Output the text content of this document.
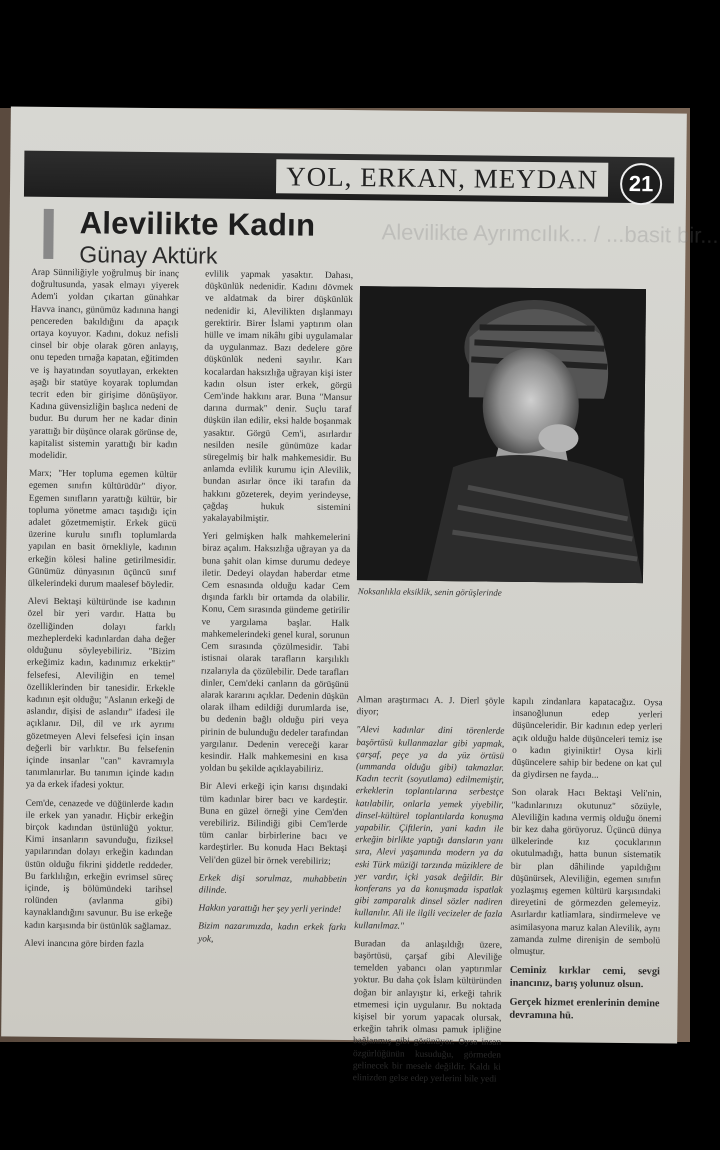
YOL, ERKAN, MEYDAN	21
Alevilikte Kadın
Günay Aktürk
Alevilikte Ayrımcılık... / ...basit bir...

Arap Sünniliğiyle yoğrulmuş bir inanç doğrultusunda, yasak elmayı yiyerek Adem'i yoldan çıkartan günahkar Havva inancı, günümüz kadınına hangi pencereden bakıldığını da apaçık ortaya koyuyor. Kadını, dokuz nefisli cinsel bir obje olarak gören anlayış, onu tepeden tırnağa kapatan, eğitimden ve iş hayatından soyutlayan, erkekten aşağı bir statüye koyarak toplumdan tecrit eden bir girişime dönüşüyor. Kadına güvensizliğin başlıca nedeni de budur. Bu durum her ne kadar dinin yarattığı bir düşünce olarak görünse de, kapitalist sistemin yarattığı bir kadın modelidir.

Marx; "Her topluma egemen kültür egemen sınıfın kültürüdür" diyor. Egemen sınıfların yarattığı kültür, bir topluma yönetme amacı taşıdığı için adalet gözetmemiştir. Erkek gücü üzerine kurulu sınıflı toplumlarda yapılan en basit örnekliyle, kadının erkeğin kölesi haline getirilmesidir. Günümüz dünyasının üçüncü sınıf ülkelerindeki durum maalesef böyledir.

Alevi Bektaşi kültüründe ise kadının özel bir yeri vardır. Hatta bu özelliğinden dolayı farklı mezheplerdeki kadınlardan daha değer olduğunu söyleyebiliriz. "Bizim erkeğimiz kadın, kadınımız erkektir" felsefesi, Aleviliğin en temel özelliklerinden bir tanesidir. Erkekle kadının eşit olduğu; "Aslanın erkeği de aslandır, dişisi de aslandır" ifadesi ile açıklanır. Dil, dil ve ırk ayrımı gözetmeyen Alevi felsefesi için insan değerli bir varlıktır. Bu felsefenin içinde insanlar "can" kavramıyla tanımlanırlar. Bu tanımın içinde kadın ya da erkek ifadesi yoktur.

Cem'de, cenazede ve düğünlerde kadın ile erkek yan yanadır. Hiçbir erkeğin birçok kadından üstünlüğü yoktur. Kimi insanların savunduğu, fiziksel yapılarından dolayı erkeğin kadından üstün olduğu fikrini şiddetle reddeder. Bu farklılığın, erkeğin evrimsel süreç içinde, iş bölümündeki tarihsel rolünden (avlanma gibi) kaynaklandığını savunur. Bu ise erkeğe kadın karşısında bir üstünlük sağlamaz.

Alevi inancına göre birden fazla

evlilik yapmak yasaktır. Dahası, düşkünlük nedenidir. Kadını dövmek ve aldatmak da birer düşkünlük nedenidir ki, Alevilikten dışlanmayı gerektirir. Birer İslami yaptırım olan hülle ve imam nikâhı gibi uygulamalar da uygulanmaz. Bazı dedelere göre düşkünlük nedeni sayılır. Karı kocalardan haksızlığa uğrayan kişi ister kadın olsun ister erkek, görgü Cem'inde hakkını arar. Buna "Mansur darına durmak" denir. Suçlu taraf düşkün ilan edilir, eksi halde boşanmak yasaktır. Görgü Cem'i, asırlardır nesilden nesile günümüze kadar süregelmiş bir halk mahkemesidir. Bu anlamda evlilik kurumu için Alevilik, bundan asırlar önce iki tarafın da hakkını gözeterek, deyim yerindeyse, çağdaş hukuk sistemini yakalayabilmiştir.

Yeri gelmişken halk mahkemelerini biraz açalım. Haksızlığa uğrayan ya da buna şahit olan kimse durumu dedeye iletir. Dedeyi olaydan haberdar etme Cem esnasında olduğu kadar Cem dışında farklı bir ortamda da olabilir. Konu, Cem sırasında gündeme getirilir ve yargılama başlar. Halk mahkemelerindeki genel kural, sorunun Cem sırasında çözülmesidir. Tabi istisnai olarak tarafların karşılıklı rızalarıyla da çözülebilir. Dede tarafları dinler, Cem'deki canların da görüşünü alarak kararını açıklar. Dedenin düşkün olarak ilham edildiği durumlarda ise, bu dedenin bağlı olduğu piri veya pirinin de bulunduğu dedeler tarafından yargılanır. Dedenin vereceği karar kesindir. Halk mahkemesini en kısa yoldan bu şekilde açıklayabiliriz.

Bir Alevi erkeği için karısı dışındaki tüm kadınlar birer bacı ve kardeştir. Buna en güzel örneği yine Cem'den verebiliriz. Bilindiği gibi Cem'lerde tüm canlar birbirlerine bacı ve kardeştirler. Bu konuda Hacı Bektaşi Veli'den güzel bir örnek verebiliriz;

Erkek dişi sorulmaz, muhabbetin dilinde.

Hakkın yarattığı her şey yerli yerinde!

Bizim nazarımızda, kadın erkek farkı yok,

Noksanlıkla eksiklik, senin görüşlerinde

Alman araştırmacı A. J. Dierl şöyle diyor;

"Alevi kadınlar dini törenlerde başörtüsü kullanmazlar gibi yapmak, çarşaf, peçe ya da yüz örtüsü (ummanda olduğu gibi) takmazlar. Kadın tecrit (soyutlama) edilmemiştir, erkeklerin toplantılarına serbestçe katılabilir, onlarla yemek yiyebilir, dinsel-kültürel toplantılarda konuşma yapabilir. Çiftlerin, yani kadın ile erkeğin birlikte yaptığı dansların yanı sıra, Alevi yaşamında modern ya da eski Türk müziği tarzında müziklere de yer vardır, içki yasak değildir. Bir konferans ya da konuşmada ispatlak gibi zamparalık dinsel sözler nadiren kullanılır. Ali ile ilgili vecizeler de fazla kullanılmaz."

Buradan da anlaşıldığı üzere, başörtüsü, çarşaf gibi Aleviliğe temelden yabancı olan yaptırımlar yoktur. Bu daha çok İslam kültüründen doğan bir anlayıştır ki, erkeği tahrik etmemesi için uygulanır. Bu noktada kişisel bir yorum yapacak olursak, erkeğin tahrik olması pamuk ipliğine bağlanmış gibi görünüyor. Oysa insan özgürlüğünün kusuduğu, görmeden gelinecek bir mesele değildir. Kaldı ki elinizden gelse edep yerlerini bile yedi

kapılı zindanlara kapatacağız. Oysa insanoğlunun edep yerleri düşünceleridir. Bir kadının edep yerleri açık olduğu halde düşünceleri temiz ise o kadın giyiniktir! Oysa kirli düşüncelere sahip bir bedene on kat çul da giydirsen ne fayda...

Son olarak Hacı Bektaşi Veli'nin, "kadınlarınızı okutunuz" sözüyle, Aleviliğin kadına vermiş olduğu önemi bir kez daha görüyoruz. Üçüncü dünya ülkelerinde kız çocuklarının okutulmadığı, hatta bunun sistematik bir plan dâhilinde yapıldığını düşünürsek, Aleviliğin, egemen sınıfın yozlaşmış egemen kültürü karşısındaki direyetini de görmezden gelemeyiz. Asırlardır katliamlara, sindirmeleve ve asimilasyona maruz kalan Alevilik, aynı zamanda zulme direnişin de sembolü olmuştur.

Ceminiz kırklar cemi, sevgi inancınız, barış yolunuz olsun.

Gerçek hizmet erenlerinin demine devramına hü.
